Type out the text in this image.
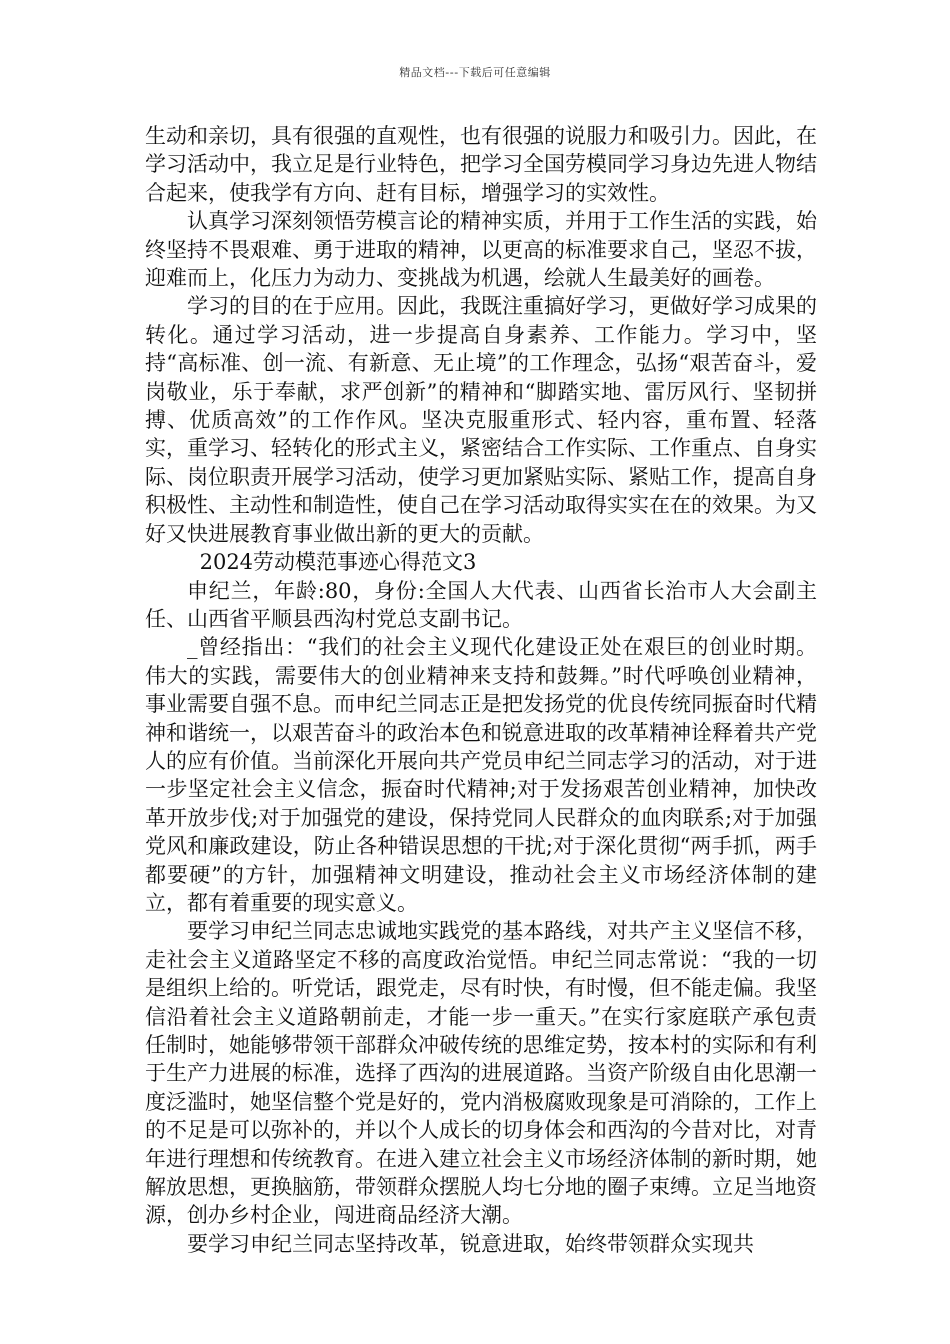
精品文档---下载后可任意编辑

生动和亲切，具有很强的直观性，也有很强的说服力和吸引力。因此，在学习活动中，我立足是行业特色，把学习全国劳模同学习身边先进人物结合起来，使我学有方向、赶有目标，增强学习的实效性。

认真学习深刻领悟劳模言论的精神实质，并用于工作生活的实践，始终坚持不畏艰难、勇于进取的精神，以更高的标准要求自己，坚忍不拔，迎难而上，化压力为动力、变挑战为机遇，绘就人生最美好的画卷。

学习的目的在于应用。因此，我既注重搞好学习，更做好学习成果的转化。通过学习活动，进一步提高自身素养、工作能力。学习中，坚持“高标准、创一流、有新意、无止境”的工作理念，弘扬“艰苦奋斗，爱岗敬业，乐于奉献，求严创新”的精神和“脚踏实地、雷厉风行、坚韧拼搏、优质高效”的工作作风。坚决克服重形式、轻内容，重布置、轻落实，重学习、轻转化的形式主义，紧密结合工作实际、工作重点、自身实际、岗位职责开展学习活动，使学习更加紧贴实际、紧贴工作，提高自身积极性、主动性和制造性，使自己在学习活动取得实实在在的效果。为又好又快进展教育事业做出新的更大的贡献。

2024劳动模范事迹心得范文3

申纪兰，年龄:80，身份:全国人大代表、山西省长治市人大会副主任、山西省平顺县西沟村党总支副书记。

_曾经指出：“我们的社会主义现代化建设正处在艰巨的创业时期。伟大的实践，需要伟大的创业精神来支持和鼓舞。”时代呼唤创业精神，事业需要自强不息。而申纪兰同志正是把发扬党的优良传统同振奋时代精神和谐统一，以艰苦奋斗的政治本色和锐意进取的改革精神诠释着共产党人的应有价值。当前深化开展向共产党员申纪兰同志学习的活动，对于进一步坚定社会主义信念，振奋时代精神;对于发扬艰苦创业精神，加快改革开放步伐;对于加强党的建设，保持党同人民群众的血肉联系;对于加强党风和廉政建设，防止各种错误思想的干扰;对于深化贯彻“两手抓，两手都要硬”的方针，加强精神文明建设，推动社会主义市场经济体制的建立，都有着重要的现实意义。

要学习申纪兰同志忠诚地实践党的基本路线，对共产主义坚信不移，走社会主义道路坚定不移的高度政治觉悟。申纪兰同志常说：“我的一切是组织上给的。听党话，跟党走，尽有时快，有时慢，但不能走偏。我坚信沿着社会主义道路朝前走，才能一步一重天。”在实行家庭联产承包责任制时，她能够带领干部群众冲破传统的思维定势，按本村的实际和有利于生产力进展的标准，选择了西沟的进展道路。当资产阶级自由化思潮一度泛滥时，她坚信整个党是好的，党内消极腐败现象是可消除的，工作上的不足是可以弥补的，并以个人成长的切身体会和西沟的今昔对比，对青年进行理想和传统教育。在进入建立社会主义市场经济体制的新时期，她解放思想，更换脑筋，带领群众摆脱人均七分地的圈子束缚。立足当地资源，创办乡村企业，闯进商品经济大潮。

要学习申纪兰同志坚持改革，锐意进取，始终带领群众实现共
